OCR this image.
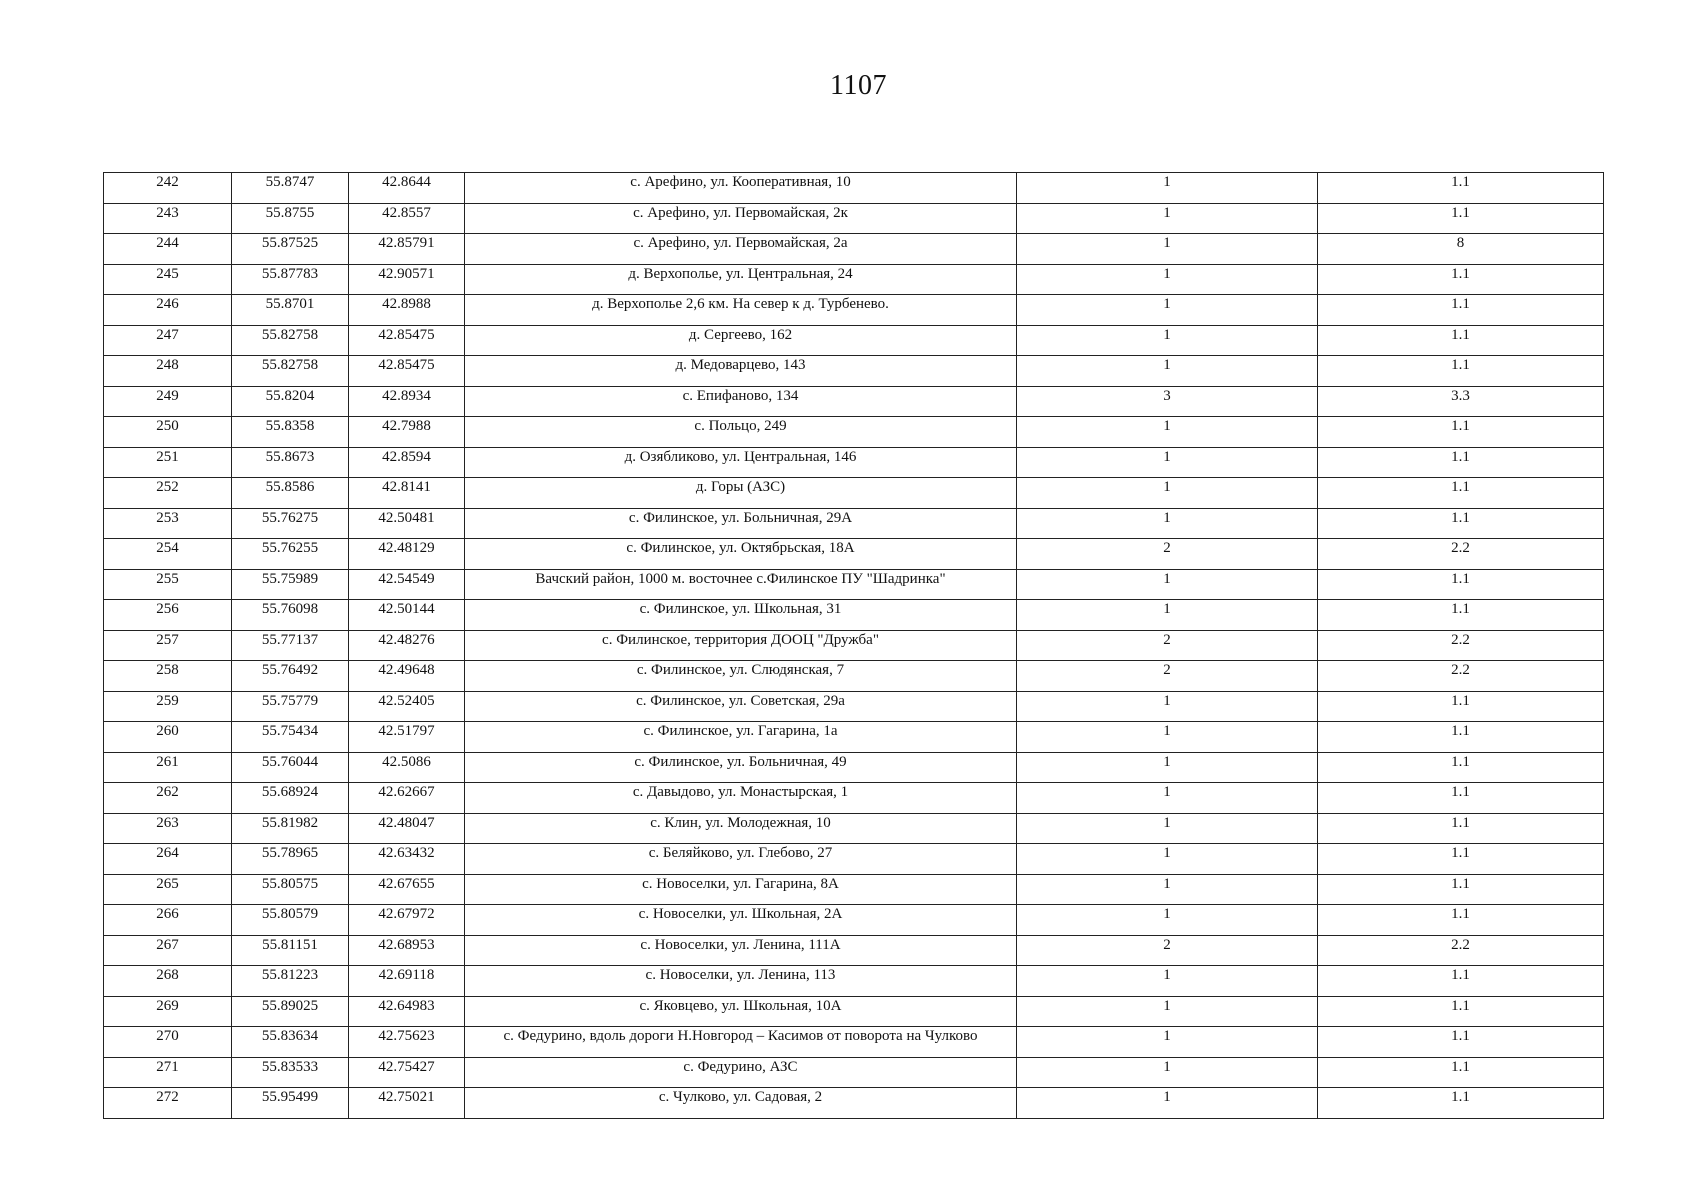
1107
242	55.8747	42.8644	с. Арефино, ул. Кооперативная, 10	1	1.1
243	55.8755	42.8557	с. Арефино, ул. Первомайская, 2к	1	1.1
244	55.87525	42.85791	с. Арефино, ул. Первомайская, 2а	1	8
245	55.87783	42.90571	д. Верхополье, ул. Центральная, 24	1	1.1
246	55.8701	42.8988	д. Верхополье 2,6 км. На север к д. Турбенево.	1	1.1
247	55.82758	42.85475	д. Сергеево, 162	1	1.1
248	55.82758	42.85475	д. Медоварцево, 143	1	1.1
249	55.8204	42.8934	с. Епифаново, 134	3	3.3
250	55.8358	42.7988	с. Польцо, 249	1	1.1
251	55.8673	42.8594	д. Озябликово, ул. Центральная, 146	1	1.1
252	55.8586	42.8141	д. Горы (АЗС)	1	1.1
253	55.76275	42.50481	с. Филинское, ул. Больничная, 29А	1	1.1
254	55.76255	42.48129	с. Филинское, ул. Октябрьская, 18А	2	2.2
255	55.75989	42.54549	Вачский район, 1000 м. восточнее с.Филинское ПУ "Шадринка"	1	1.1
256	55.76098	42.50144	с. Филинское, ул. Школьная, 31	1	1.1
257	55.77137	42.48276	с. Филинское, территория ДООЦ "Дружба"	2	2.2
258	55.76492	42.49648	с. Филинское, ул. Слюдянская, 7	2	2.2
259	55.75779	42.52405	с. Филинское, ул. Советская, 29а	1	1.1
260	55.75434	42.51797	с. Филинское, ул. Гагарина, 1а	1	1.1
261	55.76044	42.5086	с. Филинское, ул. Больничная, 49	1	1.1
262	55.68924	42.62667	с. Давыдово, ул. Монастырская, 1	1	1.1
263	55.81982	42.48047	с. Клин, ул. Молодежная, 10	1	1.1
264	55.78965	42.63432	с. Беляйково, ул. Глебово, 27	1	1.1
265	55.80575	42.67655	с. Новоселки, ул. Гагарина, 8А	1	1.1
266	55.80579	42.67972	с. Новоселки, ул. Школьная, 2А	1	1.1
267	55.81151	42.68953	с. Новоселки, ул. Ленина, 111А	2	2.2
268	55.81223	42.69118	с. Новоселки, ул. Ленина, 113	1	1.1
269	55.89025	42.64983	с. Яковцево, ул. Школьная, 10А	1	1.1
270	55.83634	42.75623	с. Федурино, вдоль дороги Н.Новгород – Касимов от поворота на Чулково	1	1.1
271	55.83533	42.75427	с. Федурино, АЗС	1	1.1
272	55.95499	42.75021	с. Чулково, ул. Садовая, 2	1	1.1
